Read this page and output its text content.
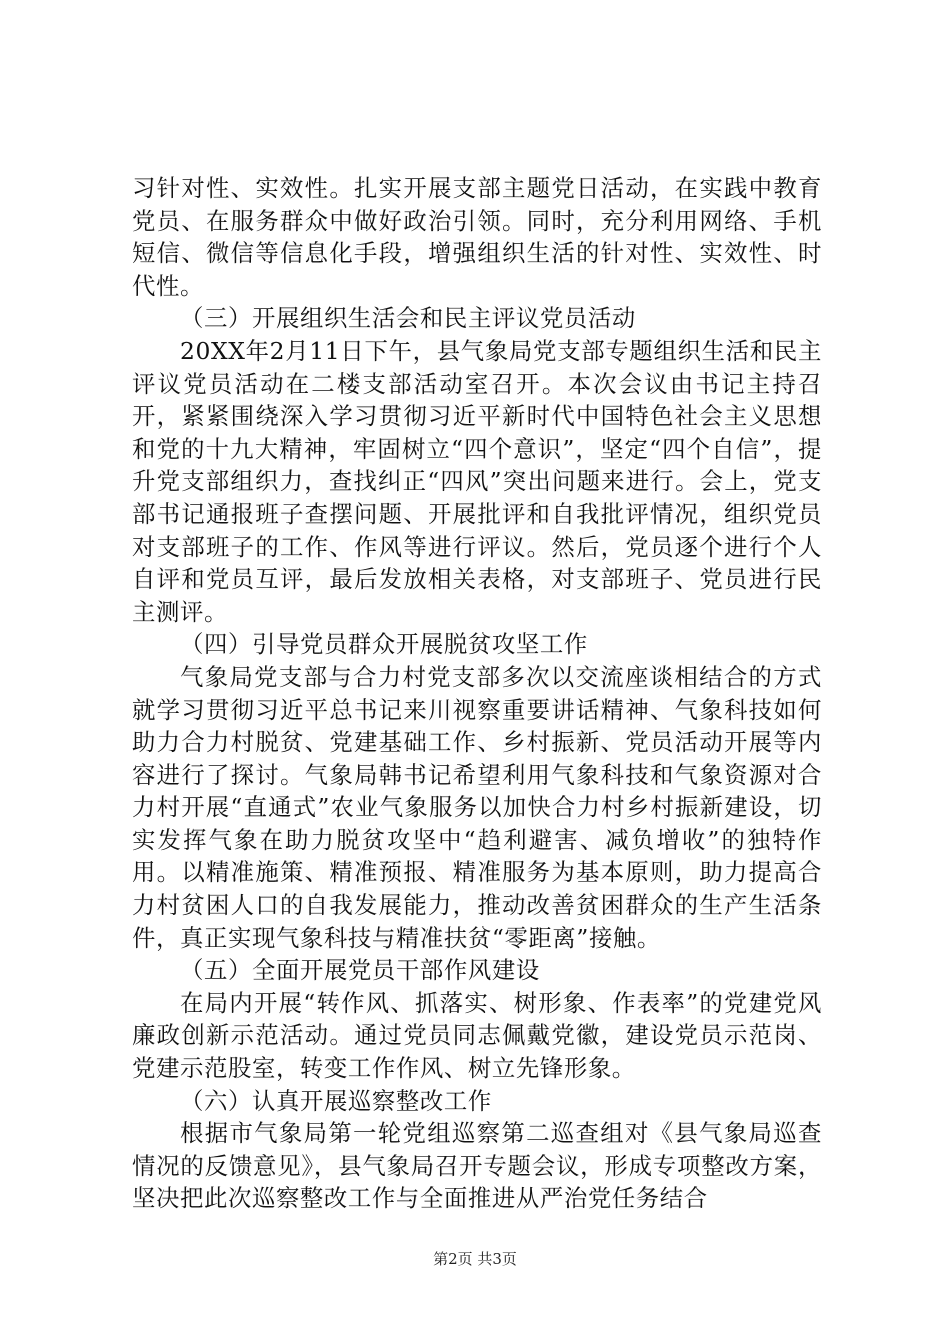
习针对性、实效性。扎实开展支部主题党日活动，在实践中教育党员、在服务群众中做好政治引领。同时，充分利用网络、手机短信、微信等信息化手段，增强组织生活的针对性、实效性、时代性。

（三）开展组织生活会和民主评议党员活动

20XX年2月11日下午，县气象局党支部专题组织生活和民主评议党员活动在二楼支部活动室召开。本次会议由书记主持召开，紧紧围绕深入学习贯彻习近平新时代中国特色社会主义思想和党的十九大精神，牢固树立“四个意识”，坚定“四个自信”，提升党支部组织力，查找纠正“四风”突出问题来进行。会上，党支部书记通报班子查摆问题、开展批评和自我批评情况，组织党员对支部班子的工作、作风等进行评议。然后，党员逐个进行个人自评和党员互评，最后发放相关表格，对支部班子、党员进行民主测评。

（四）引导党员群众开展脱贫攻坚工作

气象局党支部与合力村党支部多次以交流座谈相结合的方式就学习贯彻习近平总书记来川视察重要讲话精神、气象科技如何助力合力村脱贫、党建基础工作、乡村振新、党员活动开展等内容进行了探讨。气象局韩书记希望利用气象科技和气象资源对合力村开展“直通式”农业气象服务以加快合力村乡村振新建设，切实发挥气象在助力脱贫攻坚中“趋利避害、减负增收”的独特作用。以精准施策、精准预报、精准服务为基本原则，助力提高合力村贫困人口的自我发展能力，推动改善贫困群众的生产生活条件，真正实现气象科技与精准扶贫“零距离”接触。

（五）全面开展党员干部作风建设

在局内开展“转作风、抓落实、树形象、作表率”的党建党风廉政创新示范活动。通过党员同志佩戴党徽，建设党员示范岗、党建示范股室，转变工作作风、树立先锋形象。

（六）认真开展巡察整改工作

根据市气象局第一轮党组巡察第二巡查组对《县气象局巡查情况的反馈意见》，县气象局召开专题会议，形成专项整改方案，坚决把此次巡察整改工作与全面推进从严治党任务结合

第2页 共3页
